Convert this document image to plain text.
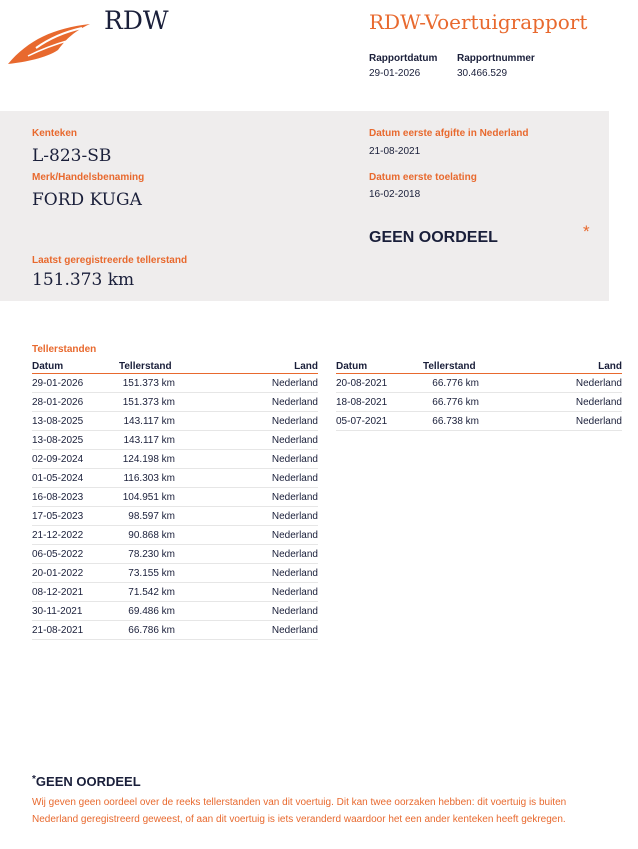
RDW	RDW-Voertuigrapport
Rapportdatum
29-01-2026
Rapportnummer
30.466.529
Kenteken
L-823-SB
Merk/Handelsbenaming
FORD KUGA
Datum eerste afgifte in Nederland
21-08-2021
Datum eerste toelating
16-02-2018
GEEN OORDEEL	*
Laatst geregistreerde tellerstand
151.373 km
Tellerstanden
Datum	Tellerstand	Land
29-01-2026	151.373 km	Nederland
28-01-2026	151.373 km	Nederland
13-08-2025	143.117 km	Nederland
13-08-2025	143.117 km	Nederland
02-09-2024	124.198 km	Nederland
01-05-2024	116.303 km	Nederland
16-08-2023	104.951 km	Nederland
17-05-2023	98.597 km	Nederland
21-12-2022	90.868 km	Nederland
06-05-2022	78.230 km	Nederland
20-01-2022	73.155 km	Nederland
08-12-2021	71.542 km	Nederland
30-11-2021	69.486 km	Nederland
21-08-2021	66.786 km	Nederland
Datum	Tellerstand	Land
20-08-2021	66.776 km	Nederland
18-08-2021	66.776 km	Nederland
05-07-2021	66.738 km	Nederland
*GEEN OORDEEL
Wij geven geen oordeel over de reeks tellerstanden van dit voertuig. Dit kan twee oorzaken hebben: dit voertuig is buiten Nederland geregistreerd geweest, of aan dit voertuig is iets veranderd waardoor het een ander kenteken heeft gekregen.
